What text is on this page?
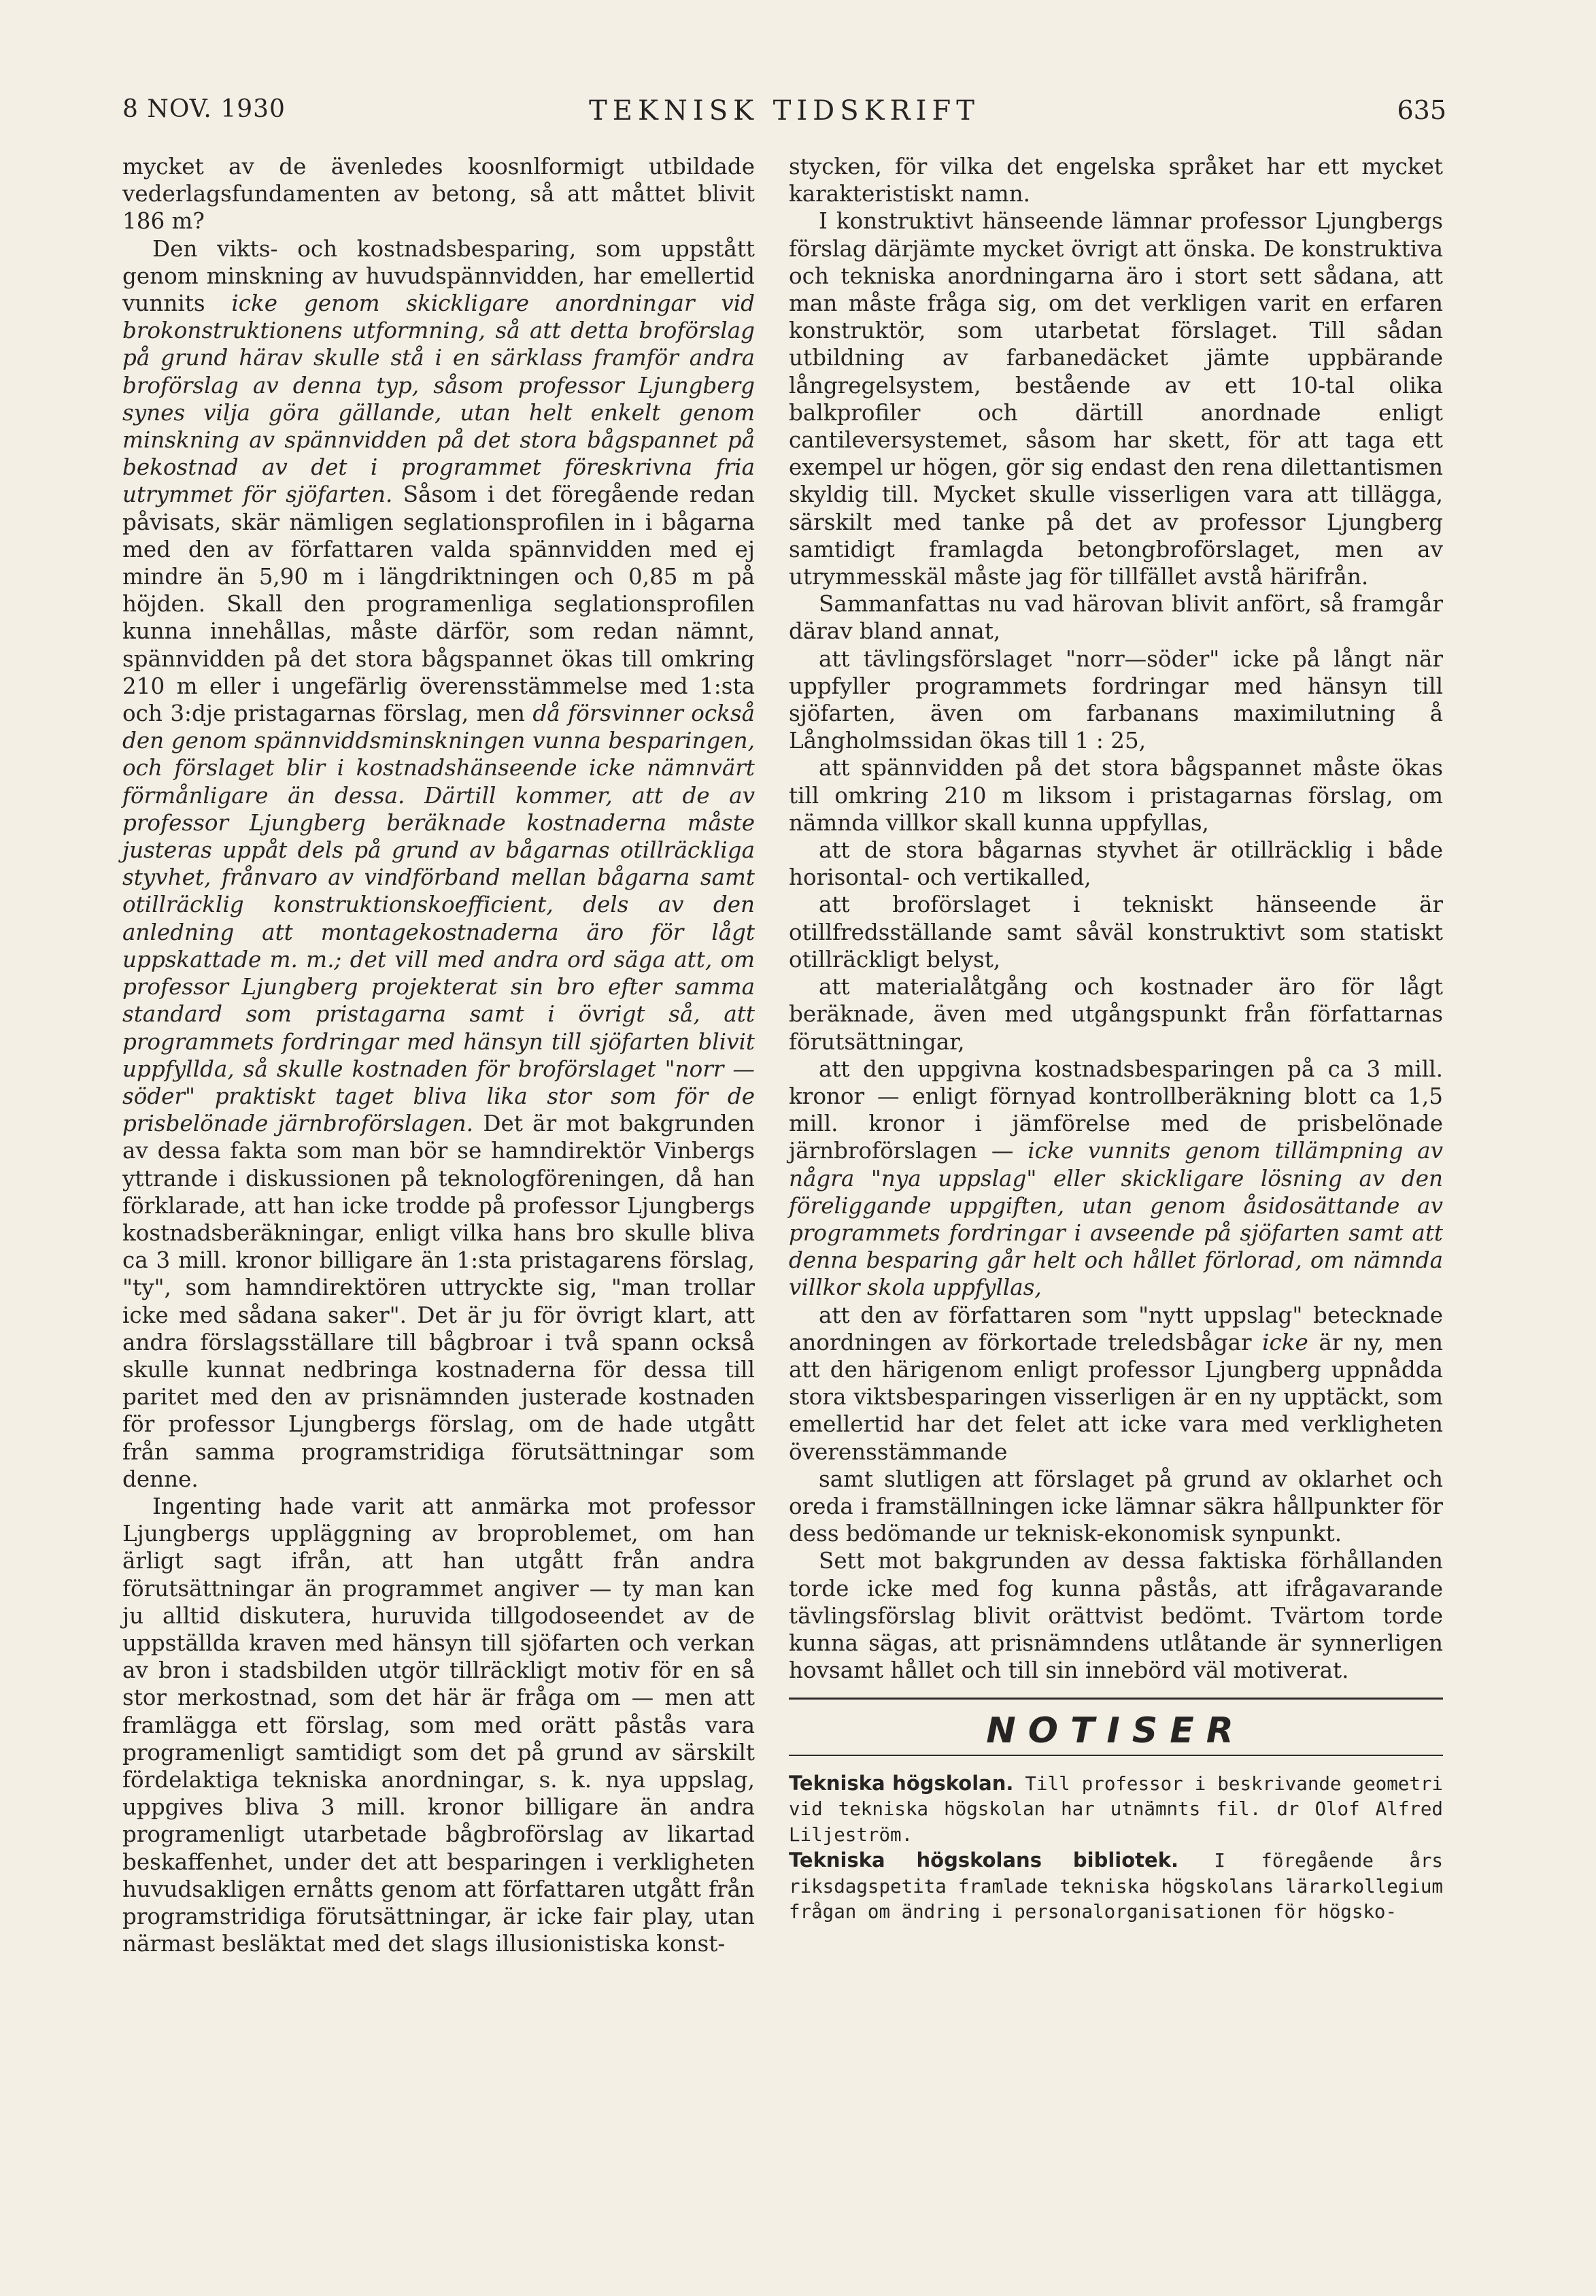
8 NOV. 1930	TEKNISK TIDSKRIFT	635

mycket av de ävenledes koosnlformigt utbildade vederlagsfundamenten av betong, så att måttet blivit 186 m?

Den vikts- och kostnadsbesparing, som uppstått genom minskning av huvudspännvidden, har emellertid vunnits icke genom skickligare anordningar vid brokonstruktionens utformning, så att detta broförslag på grund härav skulle stå i en särklass framför andra broförslag av denna typ, såsom professor Ljungberg synes vilja göra gällande, utan helt enkelt genom minskning av spännvidden på det stora bågspannet på bekostnad av det i programmet föreskrivna fria utrymmet för sjöfarten. Såsom i det föregående redan påvisats, skär nämligen seglationsprofilen in i bågarna med den av författaren valda spännvidden med ej mindre än 5,90 m i längdriktningen och 0,85 m på höjden. Skall den programenliga seglationsprofilen kunna innehållas, måste därför, som redan nämnt, spännvidden på det stora bågspannet ökas till omkring 210 m eller i ungefärlig överensstämmelse med 1:sta och 3:dje pristagarnas förslag, men då försvinner också den genom spännviddsminskningen vunna besparingen, och förslaget blir i kostnadshänseende icke nämnvärt förmånligare än dessa. Därtill kommer, att de av professor Ljungberg beräknade kostnaderna måste justeras uppåt dels på grund av bågarnas otillräckliga styvhet, frånvaro av vindförband mellan bågarna samt otillräcklig konstruktionskoefficient, dels av den anledning att montagekostnaderna äro för lågt uppskattade m. m.; det vill med andra ord säga att, om professor Ljungberg projekterat sin bro efter samma standard som pristagarna samt i övrigt så, att programmets fordringar med hänsyn till sjöfarten blivit uppfyllda, så skulle kostnaden för broförslaget "norr —söder" praktiskt taget bliva lika stor som för de prisbelönade järnbroförslagen. Det är mot bakgrunden av dessa fakta som man bör se hamndirektör Vinbergs yttrande i diskussionen på teknologföreningen, då han förklarade, att han icke trodde på professor Ljungbergs kostnadsberäkningar, enligt vilka hans bro skulle bliva ca 3 mill. kronor billigare än 1:sta pristagarens förslag, "ty", som hamndirektören uttryckte sig, "man trollar icke med sådana saker". Det är ju för övrigt klart, att andra förslagsställare till bågbroar i två spann också skulle kunnat nedbringa kostnaderna för dessa till paritet med den av prisnämnden justerade kostnaden för professor Ljungbergs förslag, om de hade utgått från samma programstridiga förutsättningar som denne.

Ingenting hade varit att anmärka mot professor Ljungbergs uppläggning av broproblemet, om han ärligt sagt ifrån, att han utgått från andra förutsättningar än programmet angiver — ty man kan ju alltid diskutera, huruvida tillgodoseendet av de uppställda kraven med hänsyn till sjöfarten och verkan av bron i stadsbilden utgör tillräckligt motiv för en så stor merkostnad, som det här är fråga om — men att framlägga ett förslag, som med orätt påstås vara programenligt samtidigt som det på grund av särskilt fördelaktiga tekniska anordningar, s. k. nya uppslag, uppgives bliva 3 mill. kronor billigare än andra programenligt utarbetade bågbroförslag av likartad beskaffenhet, under det att besparingen i verkligheten huvudsakligen ernåtts genom att författaren utgått från programstridiga förutsättningar, är icke fair play, utan närmast besläktat med det slags illusionistiska konst-

stycken, för vilka det engelska språket har ett mycket karakteristiskt namn.

I konstruktivt hänseende lämnar professor Ljungbergs förslag därjämte mycket övrigt att önska. De konstruktiva och tekniska anordningarna äro i stort sett sådana, att man måste fråga sig, om det verkligen varit en erfaren konstruktör, som utarbetat förslaget. Till sådan utbildning av farbanedäcket jämte uppbärande långregelsystem, bestående av ett 10-tal olika balkprofiler och därtill anordnade enligt cantileversystemet, såsom har skett, för att taga ett exempel ur högen, gör sig endast den rena dilettantismen skyldig till. Mycket skulle visserligen vara att tillägga, särskilt med tanke på det av professor Ljungberg samtidigt framlagda betongbroförslaget, men av utrymmesskäl måste jag för tillfället avstå härifrån.

Sammanfattas nu vad härovan blivit anfört, så framgår därav bland annat,

att tävlingsförslaget "norr—söder" icke på långt när uppfyller programmets fordringar med hänsyn till sjöfarten, även om farbanans maximilutning å Långholmssidan ökas till 1 : 25,

att spännvidden på det stora bågspannet måste ökas till omkring 210 m liksom i pristagarnas förslag, om nämnda villkor skall kunna uppfyllas,

att de stora bågarnas styvhet är otillräcklig i både horisontal- och vertikalled,

att broförslaget i tekniskt hänseende är otillfredsställande samt såväl konstruktivt som statiskt otillräckligt belyst,

att materialåtgång och kostnader äro för lågt beräknade, även med utgångspunkt från författarnas förutsättningar,

att den uppgivna kostnadsbesparingen på ca 3 mill. kronor — enligt förnyad kontrollberäkning blott ca 1,5 mill. kronor i jämförelse med de prisbelönade järnbroförslagen — icke vunnits genom tillämpning av några "nya uppslag" eller skickligare lösning av den föreliggande uppgiften, utan genom åsidosättande av programmets fordringar i avseende på sjöfarten samt att denna besparing går helt och hållet förlorad, om nämnda villkor skola uppfyllas,

att den av författaren som "nytt uppslag" betecknade anordningen av förkortade treledsbågar icke är ny, men att den härigenom enligt professor Ljungberg uppnådda stora viktsbesparingen visserligen är en ny upptäckt, som emellertid har det felet att icke vara med verkligheten överensstämmande

samt slutligen att förslaget på grund av oklarhet och oreda i framställningen icke lämnar säkra hållpunkter för dess bedömande ur teknisk-ekonomisk synpunkt.

Sett mot bakgrunden av dessa faktiska förhållanden torde icke med fog kunna påstås, att ifrågavarande tävlingsförslag blivit orättvist bedömt. Tvärtom torde kunna sägas, att prisnämndens utlåtande är synnerligen hovsamt hållet och till sin innebörd väl motiverat.

NOTISER

Tekniska högskolan. Till professor i beskrivande geometri vid tekniska högskolan har utnämnts fil. dr Olof Alfred Liljeström.

Tekniska högskolans bibliotek. I föregående års riksdagspetita framlade tekniska högskolans lärarkollegium frågan om ändring i personalorganisationen för högsko-
